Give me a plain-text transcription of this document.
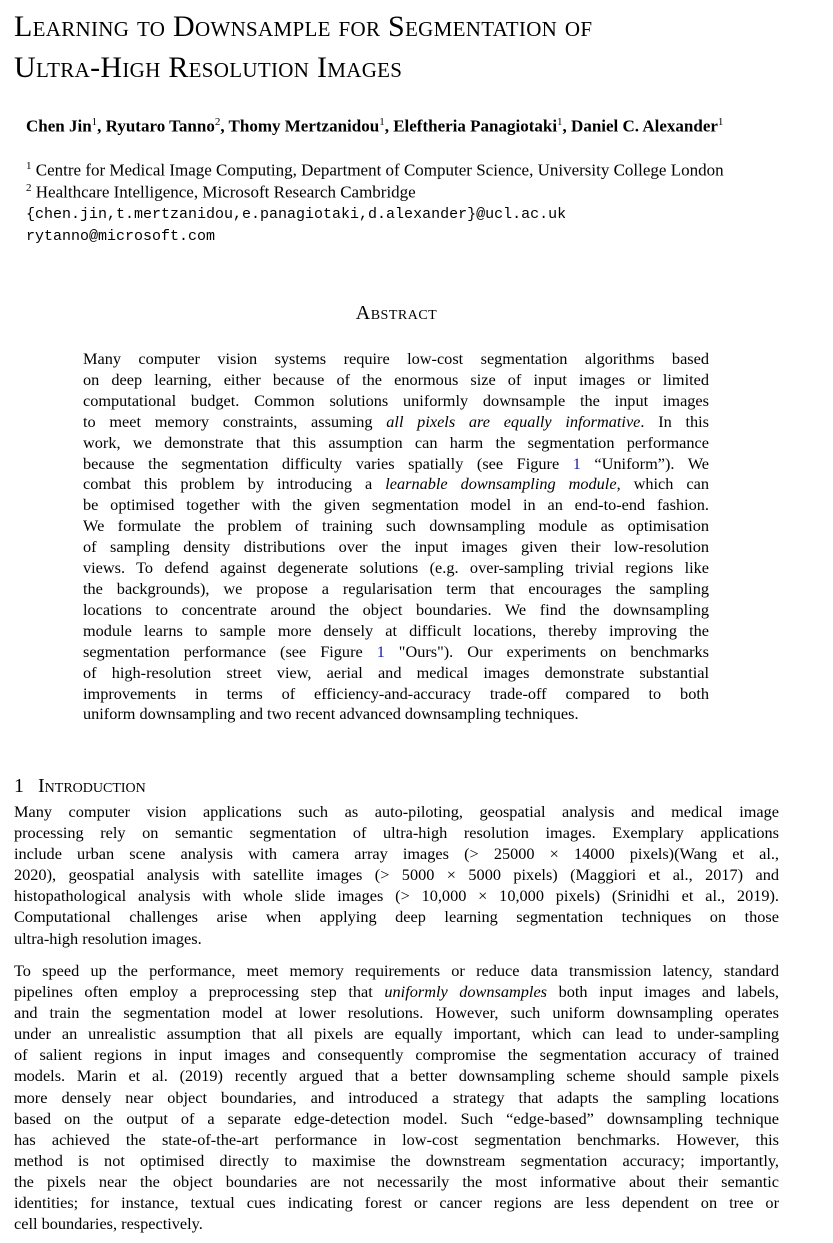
Learning to Downsample for Segmentation of
Ultra-High Resolution Images
Chen Jin$^1$, Ryutaro Tanno$^2$, Thomy Mertzanidou$^1$, Eleftheria Panagiotaki$^1$, Daniel C. Alexander$^1$
$^1$ Centre for Medical Image Computing, Department of Computer Science, University College London
$^2$ Healthcare Intelligence, Microsoft Research Cambridge
{chen.jin,t.mertzanidou,e.panagiotaki,d.alexander}@ucl.ac.uk
rytanno@microsoft.com
Abstract
Many computer vision systems require low-cost segmentation algorithms based
on deep learning, either because of the enormous size of input images or limited
computational budget. Common solutions uniformly downsample the input images
to meet memory constraints, assuming all pixels are equally informative. In this
work, we demonstrate that this assumption can harm the segmentation performance
because the segmentation difficulty varies spatially (see Figure 1 “Uniform”). We
combat this problem by introducing a learnable downsampling module, which can
be optimised together with the given segmentation model in an end-to-end fashion.
We formulate the problem of training such downsampling module as optimisation
of sampling density distributions over the input images given their low-resolution
views. To defend against degenerate solutions (e.g. over-sampling trivial regions like
the backgrounds), we propose a regularisation term that encourages the sampling
locations to concentrate around the object boundaries. We find the downsampling
module learns to sample more densely at difficult locations, thereby improving the
segmentation performance (see Figure 1 "Ours"). Our experiments on benchmarks
of high-resolution street view, aerial and medical images demonstrate substantial
improvements in terms of efficiency-and-accuracy trade-off compared to both
uniform downsampling and two recent advanced downsampling techniques.
1 Introduction
Many computer vision applications such as auto-piloting, geospatial analysis and medical image
processing rely on semantic segmentation of ultra-high resolution images. Exemplary applications
include urban scene analysis with camera array images (> 25000 × 14000 pixels)(Wang et al.,
2020), geospatial analysis with satellite images (> 5000 × 5000 pixels) (Maggiori et al., 2017) and
histopathological analysis with whole slide images (> 10,000 × 10,000 pixels) (Srinidhi et al., 2019).
Computational challenges arise when applying deep learning segmentation techniques on those
ultra-high resolution images.
To speed up the performance, meet memory requirements or reduce data transmission latency, standard
pipelines often employ a preprocessing step that uniformly downsamples both input images and labels,
and train the segmentation model at lower resolutions. However, such uniform downsampling operates
under an unrealistic assumption that all pixels are equally important, which can lead to under-sampling
of salient regions in input images and consequently compromise the segmentation accuracy of trained
models. Marin et al. (2019) recently argued that a better downsampling scheme should sample pixels
more densely near object boundaries, and introduced a strategy that adapts the sampling locations
based on the output of a separate edge-detection model. Such “edge-based” downsampling technique
has achieved the state-of-the-art performance in low-cost segmentation benchmarks. However, this
method is not optimised directly to maximise the downstream segmentation accuracy; importantly,
the pixels near the object boundaries are not necessarily the most informative about their semantic
identities; for instance, textual cues indicating forest or cancer regions are less dependent on tree or
cell boundaries, respectively.
